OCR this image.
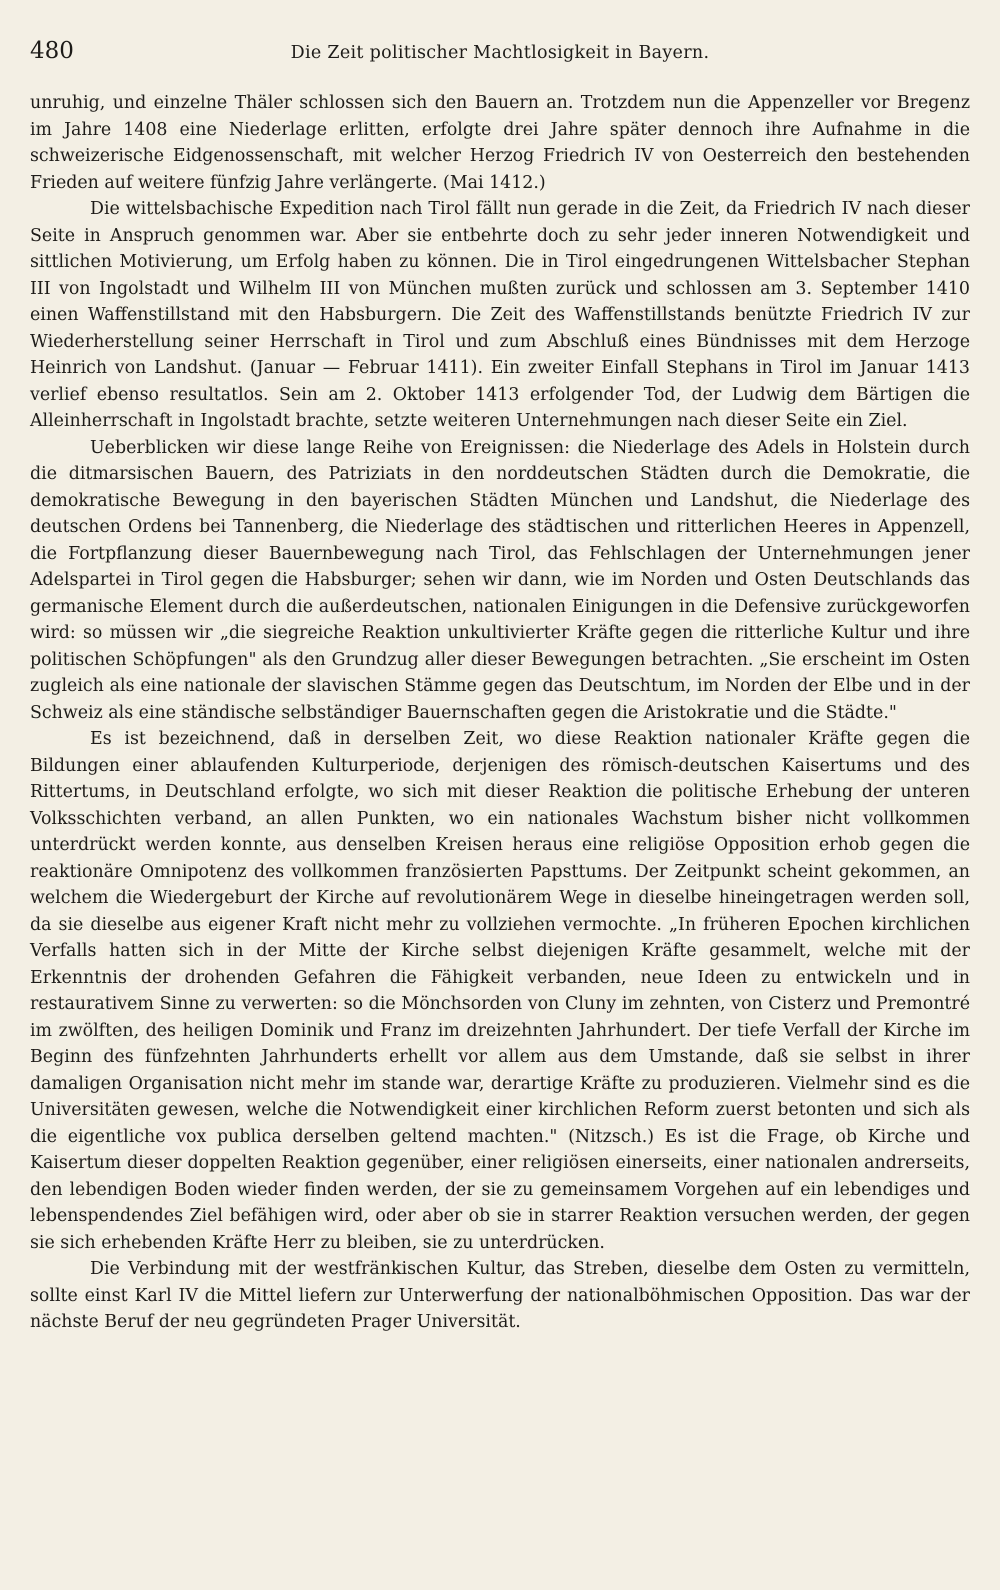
480	Die Zeit politischer Machtlosigkeit in Bayern.

unruhig, und einzelne Thäler schlossen sich den Bauern an. Trotzdem nun die Appenzeller vor Bregenz im Jahre 1408 eine Niederlage erlitten, erfolgte drei Jahre später dennoch ihre Aufnahme in die schweizerische Eidgenossenschaft, mit welcher Herzog Friedrich IV von Oesterreich den bestehenden Frieden auf weitere fünfzig Jahre verlängerte. (Mai 1412.)

Die wittelsbachische Expedition nach Tirol fällt nun gerade in die Zeit, da Friedrich IV nach dieser Seite in Anspruch genommen war. Aber sie entbehrte doch zu sehr jeder inneren Notwendigkeit und sittlichen Motivierung, um Erfolg haben zu können. Die in Tirol eingedrungenen Wittelsbacher Stephan III von Ingolstadt und Wilhelm III von München mußten zurück und schlossen am 3. September 1410 einen Waffenstillstand mit den Habsburgern. Die Zeit des Waffenstillstands benützte Friedrich IV zur Wiederherstellung seiner Herrschaft in Tirol und zum Abschluß eines Bündnisses mit dem Herzoge Heinrich von Landshut. (Januar — Februar 1411). Ein zweiter Einfall Stephans in Tirol im Januar 1413 verlief ebenso resultatlos. Sein am 2. Oktober 1413 erfolgender Tod, der Ludwig dem Bärtigen die Alleinherrschaft in Ingolstadt brachte, setzte weiteren Unternehmungen nach dieser Seite ein Ziel.

Ueberblicken wir diese lange Reihe von Ereignissen: die Niederlage des Adels in Holstein durch die ditmarsischen Bauern, des Patriziats in den norddeutschen Städten durch die Demokratie, die demokratische Bewegung in den bayerischen Städten München und Landshut, die Niederlage des deutschen Ordens bei Tannenberg, die Niederlage des städtischen und ritterlichen Heeres in Appenzell, die Fortpflanzung dieser Bauernbewegung nach Tirol, das Fehlschlagen der Unternehmungen jener Adelspartei in Tirol gegen die Habsburger; sehen wir dann, wie im Norden und Osten Deutschlands das germanische Element durch die außerdeutschen, nationalen Einigungen in die Defensive zurückgeworfen wird: so müssen wir „die siegreiche Reaktion unkultivierter Kräfte gegen die ritterliche Kultur und ihre politischen Schöpfungen" als den Grundzug aller dieser Bewegungen betrachten. „Sie erscheint im Osten zugleich als eine nationale der slavischen Stämme gegen das Deutschtum, im Norden der Elbe und in der Schweiz als eine ständische selbständiger Bauernschaften gegen die Aristokratie und die Städte."

Es ist bezeichnend, daß in derselben Zeit, wo diese Reaktion nationaler Kräfte gegen die Bildungen einer ablaufenden Kulturperiode, derjenigen des römisch-deutschen Kaisertums und des Rittertums, in Deutschland erfolgte, wo sich mit dieser Reaktion die politische Erhebung der unteren Volksschichten verband, an allen Punkten, wo ein nationales Wachstum bisher nicht vollkommen unterdrückt werden konnte, aus denselben Kreisen heraus eine religiöse Opposition erhob gegen die reaktionäre Omnipotenz des vollkommen französierten Papsttums. Der Zeitpunkt scheint gekommen, an welchem die Wiedergeburt der Kirche auf revolutionärem Wege in dieselbe hineingetragen werden soll, da sie dieselbe aus eigener Kraft nicht mehr zu vollziehen vermochte. „In früheren Epochen kirchlichen Verfalls hatten sich in der Mitte der Kirche selbst diejenigen Kräfte gesammelt, welche mit der Erkenntnis der drohenden Gefahren die Fähigkeit verbanden, neue Ideen zu entwickeln und in restaurativem Sinne zu verwerten: so die Mönchsorden von Cluny im zehnten, von Cisterz und Premontré im zwölften, des heiligen Dominik und Franz im dreizehnten Jahrhundert. Der tiefe Verfall der Kirche im Beginn des fünfzehnten Jahrhunderts erhellt vor allem aus dem Umstande, daß sie selbst in ihrer damaligen Organisation nicht mehr im stande war, derartige Kräfte zu produzieren. Vielmehr sind es die Universitäten gewesen, welche die Notwendigkeit einer kirchlichen Reform zuerst betonten und sich als die eigentliche vox publica derselben geltend machten." (Nitzsch.) Es ist die Frage, ob Kirche und Kaisertum dieser doppelten Reaktion gegenüber, einer religiösen einerseits, einer nationalen andrerseits, den lebendigen Boden wieder finden werden, der sie zu gemeinsamem Vorgehen auf ein lebendiges und lebenspendendes Ziel befähigen wird, oder aber ob sie in starrer Reaktion versuchen werden, der gegen sie sich erhebenden Kräfte Herr zu bleiben, sie zu unterdrücken.

Die Verbindung mit der westfränkischen Kultur, das Streben, dieselbe dem Osten zu vermitteln, sollte einst Karl IV die Mittel liefern zur Unterwerfung der nationalböhmischen Opposition. Das war der nächste Beruf der neu gegründeten Prager Universität.
